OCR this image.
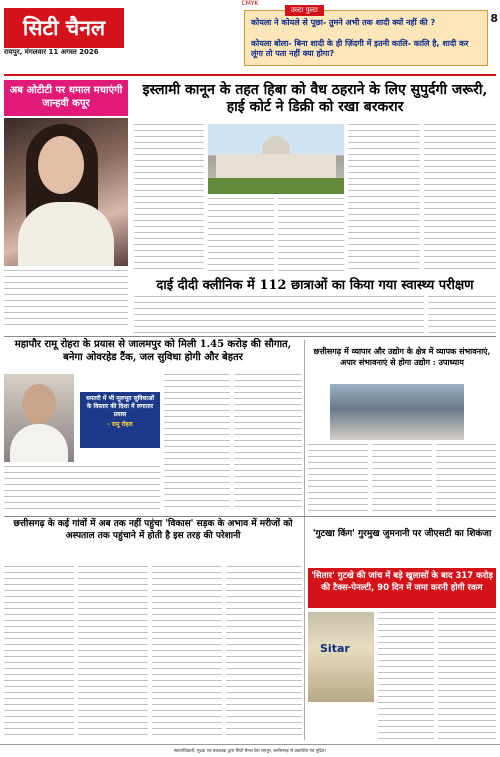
CMYK
सिटी चैनल
रायपुर, मंगलवार 11 अगस्त 2026
उल्टा पुल्टा

कोयला ने कोयले से पूछा- तुमने अभी तक शादी क्यों नहीं की ?

कोयला बोला- बिना शादी के ही ज़िंदगी में इतनी कालि- कालि है, शादी कर लूंगा तो पता नहीं क्या होगा?

8
अब ओटीटी पर धमाल मचाएंगी जान्हवी कपूर
इस्लामी कानून के तहत हिबा को वैध ठहराने के लिए सुपुर्दगी जरूरी, हाई कोर्ट ने डिक्री को रखा बरकरार
दाई दीदी क्लीनिक में 112 छात्राओं का किया गया स्वास्थ्य परीक्षण
महापौर रामू रोहरा के प्रयास से जालमपुर को मिली 1.45 करोड़ की सौगात, बनेगा ओवरहेड टैंक, जल सुविधा होगी और बेहतर
धमतरी में भी मूलभूत सुविधाओं के विस्तार की दिशा में लगातार प्रयास
- रामू रोहरा
छत्तीसगढ़ में व्यापार और उद्योग के क्षेत्र में व्यापक संभावनाएं, अपार संभावनाएं से होगा उद्योग : उपाध्याय
छत्तीसगढ़ के कई गांवों में अब तक नहीं पहुंचा 'विकास' सड़क के अभाव में मरीजों को अस्पताल तक पहुंचाने में होती है इस तरह की परेशानी	'गुटखा किंग' गुरमुख जुमनानी पर जीएसटी का शिकंजा
'सितार' गुटखे की जांच में बड़े खुलासों के बाद 317 करोड़ की टैक्स-पेनल्टी, 90 दिन में जमा करनी होगी रकम
Sitar
स्वत्वाधिकारी, मुद्रक एवं प्रकाशक द्वारा सिटी चैनल प्रेस रायपुर, छत्तीसगढ़ से प्रकाशित एवं मुद्रित।
